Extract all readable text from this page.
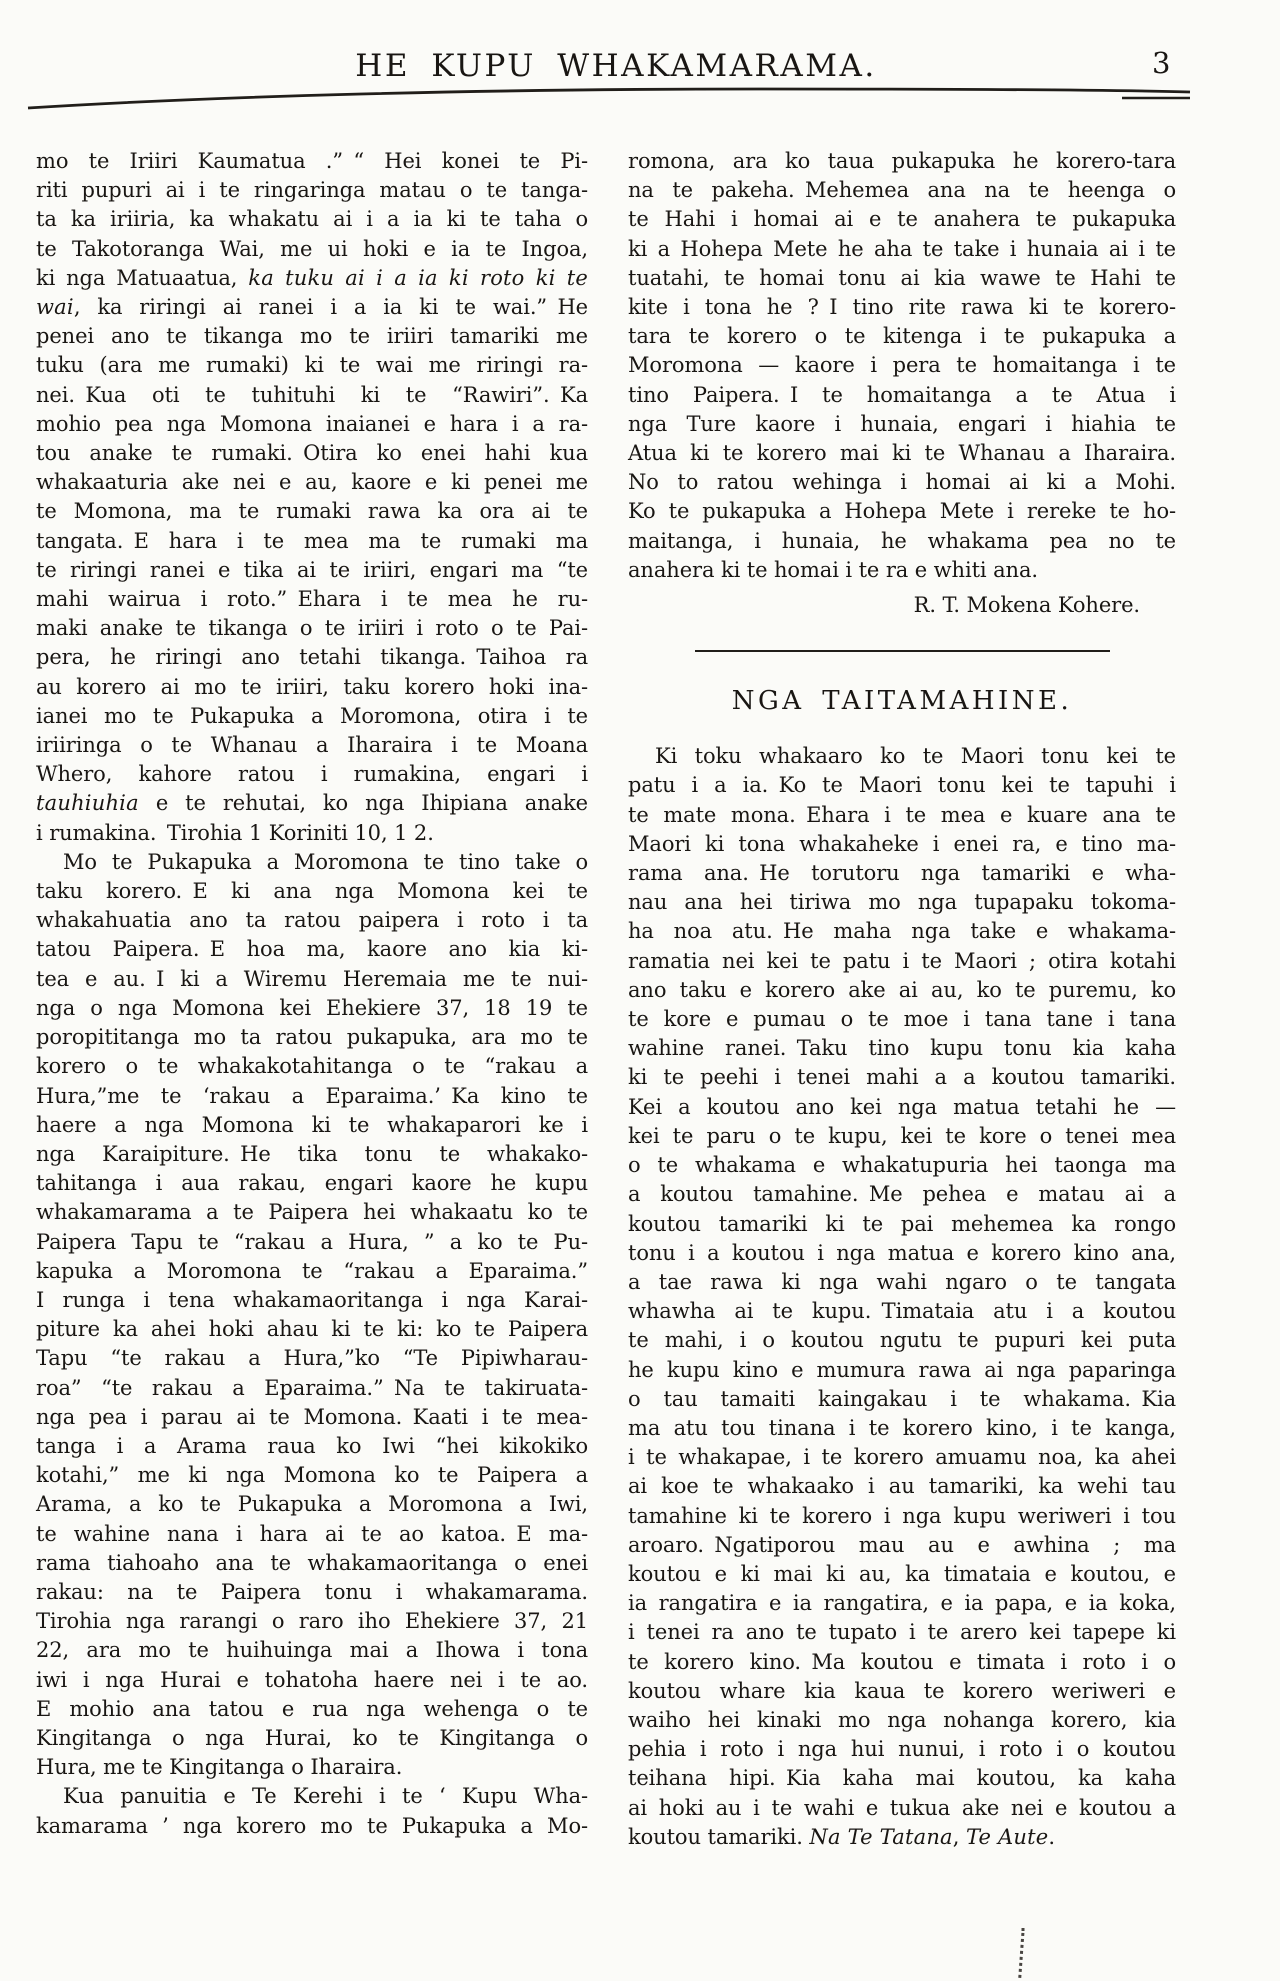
HE KUPU WHAKAMARAMA.	3
mo te Iriiri Kaumatua .” “ Hei konei te Pi-
riti pupuri ai i te ringaringa matau o te tanga-
ta ka iriiria, ka whakatu ai i a ia ki te taha o
te Takotoranga Wai, me ui hoki e ia te Ingoa,
ki nga Matuaatua, ka tuku ai i a ia ki roto ki te
wai, ka riringi ai ranei i a ia ki te wai.” He
penei ano te tikanga mo te iriiri tamariki me
tuku (ara me rumaki) ki te wai me riringi ra-
nei. Kua oti te tuhituhi ki te “Rawiri”. Ka
mohio pea nga Momona inaianei e hara i a ra-
tou anake te rumaki. Otira ko enei hahi kua
whakaaturia ake nei e au, kaore e ki penei me
te Momona, ma te rumaki rawa ka ora ai te
tangata. E hara i te mea ma te rumaki ma
te riringi ranei e tika ai te iriiri, engari ma “te
mahi wairua i roto.” Ehara i te mea he ru-
maki anake te tikanga o te iriiri i roto o te Pai-
pera, he riringi ano tetahi tikanga. Taihoa ra
au korero ai mo te iriiri, taku korero hoki ina-
ianei mo te Pukapuka a Moromona, otira i te
iriiringa o te Whanau a Iharaira i te Moana
Whero, kahore ratou i rumakina, engari i
tauhiuhia e te rehutai, ko nga Ihipiana anake
i rumakina. Tirohia 1 Koriniti 10, 1 2.
Mo te Pukapuka a Moromona te tino take o
taku korero. E ki ana nga Momona kei te
whakahuatia ano ta ratou paipera i roto i ta
tatou Paipera. E hoa ma, kaore ano kia ki-
tea e au. I ki a Wiremu Heremaia me te nui-
nga o nga Momona kei Ehekiere 37, 18 19 te
poropititanga mo ta ratou pukapuka, ara mo te
korero o te whakakotahitanga o te “rakau a
Hura,”me te ‘rakau a Eparaima.’ Ka kino te
haere a nga Momona ki te whakaparori ke i
nga Karaipiture. He tika tonu te whakako-
tahitanga i aua rakau, engari kaore he kupu
whakamarama a te Paipera hei whakaatu ko te
Paipera Tapu te “rakau a Hura, ” a ko te Pu-
kapuka a Moromona te “rakau a Eparaima.”
I runga i tena whakamaoritanga i nga Karai-
piture ka ahei hoki ahau ki te ki: ko te Paipera
Tapu “te rakau a Hura,”ko “Te Pipiwharau-
roa” “te rakau a Eparaima.” Na te takiruata-
nga pea i parau ai te Momona. Kaati i te mea-
tanga i a Arama raua ko Iwi “hei kikokiko
kotahi,” me ki nga Momona ko te Paipera a
Arama, a ko te Pukapuka a Moromona a Iwi,
te wahine nana i hara ai te ao katoa. E ma-
rama tiahoaho ana te whakamaoritanga o enei
rakau: na te Paipera tonu i whakamarama.
Tirohia nga rarangi o raro iho Ehekiere 37, 21
22, ara mo te huihuinga mai a Ihowa i tona
iwi i nga Hurai e tohatoha haere nei i te ao.
E mohio ana tatou e rua nga wehenga o te
Kingitanga o nga Hurai, ko te Kingitanga o
Hura, me te Kingitanga o Iharaira.
Kua panuitia e Te Kerehi i te ‘ Kupu Wha-
kamarama ’ nga korero mo te Pukapuka a Mo-
romona, ara ko taua pukapuka he korero-tara
na te pakeha. Mehemea ana na te heenga o
te Hahi i homai ai e te anahera te pukapuka
ki a Hohepa Mete he aha te take i hunaia ai i te
tuatahi, te homai tonu ai kia wawe te Hahi te
kite i tona he ? I tino rite rawa ki te korero-
tara te korero o te kitenga i te pukapuka a
Moromona — kaore i pera te homaitanga i te
tino Paipera. I te homaitanga a te Atua i
nga Ture kaore i hunaia, engari i hiahia te
Atua ki te korero mai ki te Whanau a Iharaira.
No to ratou wehinga i homai ai ki a Mohi.
Ko te pukapuka a Hohepa Mete i rereke te ho-
maitanga, i hunaia, he whakama pea no te
anahera ki te homai i te ra e whiti ana.
R. T. Mokena Kohere.
NGA TAITAMAHINE.
Ki toku whakaaro ko te Maori tonu kei te
patu i a ia. Ko te Maori tonu kei te tapuhi i
te mate mona. Ehara i te mea e kuare ana te
Maori ki tona whakaheke i enei ra, e tino ma-
rama ana. He torutoru nga tamariki e wha-
nau ana hei tiriwa mo nga tupapaku tokoma-
ha noa atu. He maha nga take e whakama-
ramatia nei kei te patu i te Maori ; otira kotahi
ano taku e korero ake ai au, ko te puremu, ko
te kore e pumau o te moe i tana tane i tana
wahine ranei. Taku tino kupu tonu kia kaha
ki te peehi i tenei mahi a a koutou tamariki.
Kei a koutou ano kei nga matua tetahi he —
kei te paru o te kupu, kei te kore o tenei mea
o te whakama e whakatupuria hei taonga ma
a koutou tamahine. Me pehea e matau ai a
koutou tamariki ki te pai mehemea ka rongo
tonu i a koutou i nga matua e korero kino ana,
a tae rawa ki nga wahi ngaro o te tangata
whawha ai te kupu. Timataia atu i a koutou
te mahi, i o koutou ngutu te pupuri kei puta
he kupu kino e mumura rawa ai nga paparinga
o tau tamaiti kaingakau i te whakama. Kia
ma atu tou tinana i te korero kino, i te kanga,
i te whakapae, i te korero amuamu noa, ka ahei
ai koe te whakaako i au tamariki, ka wehi tau
tamahine ki te korero i nga kupu weriweri i tou
aroaro. Ngatiporou mau au e awhina ; ma
koutou e ki mai ki au, ka timataia e koutou, e
ia rangatira e ia rangatira, e ia papa, e ia koka,
i tenei ra ano te tupato i te arero kei tapepe ki
te korero kino. Ma koutou e timata i roto i o
koutou whare kia kaua te korero weriweri e
waiho hei kinaki mo nga nohanga korero, kia
pehia i roto i nga hui nunui, i roto i o koutou
teihana hipi. Kia kaha mai koutou, ka kaha
ai hoki au i te wahi e tukua ake nei e koutou a
koutou tamariki. Na Te Tatana, Te Aute.
